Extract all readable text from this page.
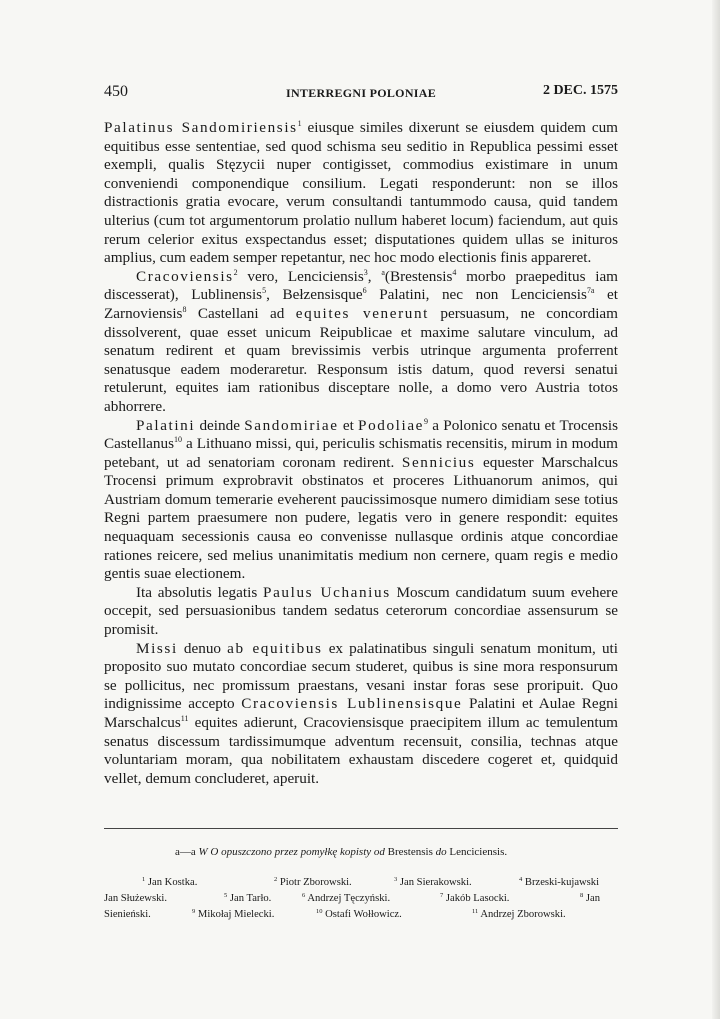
450	INTERREGNI POLONIAE	2 DEC. 1575

Palatinus Sandomiriensis$^1$ eiusque similes dixerunt se eiusdem quidem cum equitibus esse sententiae, sed quod schisma seu seditio in Republica pessimi esset exempli, qualis Stęzycii nuper contigisset, commodius existimare in unum conveniendi componendique consilium. Legati responderunt: non se illos distractionis gratia evocare, verum consultandi tantummodo causa, quid tandem ulterius (cum tot argumentorum prolatio nullum haberet locum) faciendum, aut quis rerum celerior exitus exspectandus esset; disputationes quidem ullas se inituros amplius, cum eadem semper repetantur, nec hoc modo electionis finis appareret.

Cracoviensis$^2$ vero, Lenciciensis$^3$, $^a$(Brestensis$^4$ morbo praepeditus iam discesserat), Lublinensis$^5$, Bełzensisque$^6$ Palatini, nec non Lenciciensis$^{7a}$ et Zarnoviensis$^8$ Castellani ad equites venerunt persuasum, ne concordiam dissolverent, quae esset unicum Reipublicae et maxime salutare vinculum, ad senatum redirent et quam brevissimis verbis utrinque argumenta proferrent senatusque eadem moderaretur. Responsum istis datum, quod reversi senatui retulerunt, equites iam rationibus disceptare nolle, a domo vero Austria totos abhorrere.

Palatini deinde Sandomiriae et Podoliae$^9$ a Polonico senatu et Trocensis Castellanus$^{10}$ a Lithuano missi, qui, periculis schismatis recensitis, mirum in modum petebant, ut ad senatoriam coronam redirent. Sennicius equester Marschalcus Trocensi primum exprobravit obstinatos et proceres Lithuanorum animos, qui Austriam domum temerarie eveherent paucissimosque numero dimidiam sese totius Regni partem praesumere non pudere, legatis vero in genere respondit: equites nequaquam secessionis causa eo convenisse nullasque ordinis atque concordiae rationes reicere, sed melius unanimitatis medium non cernere, quam regis e medio gentis suae electionem.

Ita absolutis legatis Paulus Uchanius Moscum candidatum suum evehere occepit, sed persuasionibus tandem sedatus ceterorum concordiae assensurum se promisit.

Missi denuo ab equitibus ex palatinatibus singuli senatum monitum, uti proposito suo mutato concordiae secum studeret, quibus is sine mora responsurum se pollicitus, nec promissum praestans, vesani instar foras sese proripuit. Quo indignissime accepto Cracoviensis Lublinensisque Palatini et Aulae Regni Marschalcus$^{11}$ equites adierunt, Cracoviensisque praecipitem illum ac temulentum senatus discessum tardissimumque adventum recensuit, consilia, technas atque voluntariam moram, qua nobilitatem exhaustam discedere cogeret et, quidquid vellet, demum concluderet, aperuit.

a—a W O opuszczono przez pomyłkę kopisty od Brestensis do Lenciciensis.
$^1$ Jan Kostka.	$^2$ Piotr Zborowski.	$^3$ Jan Sierakowski.	$^4$ Brzeski-kujawski
Jan Służewski.	$^5$ Jan Tarło.	$^6$ Andrzej Tęczyński.	$^7$ Jakób Lasocki.	$^8$ Jan
Sienieński.	$^9$ Mikołaj Mielecki.	$^{10}$ Ostafi Wołłowicz.	$^{11}$ Andrzej Zborowski.
